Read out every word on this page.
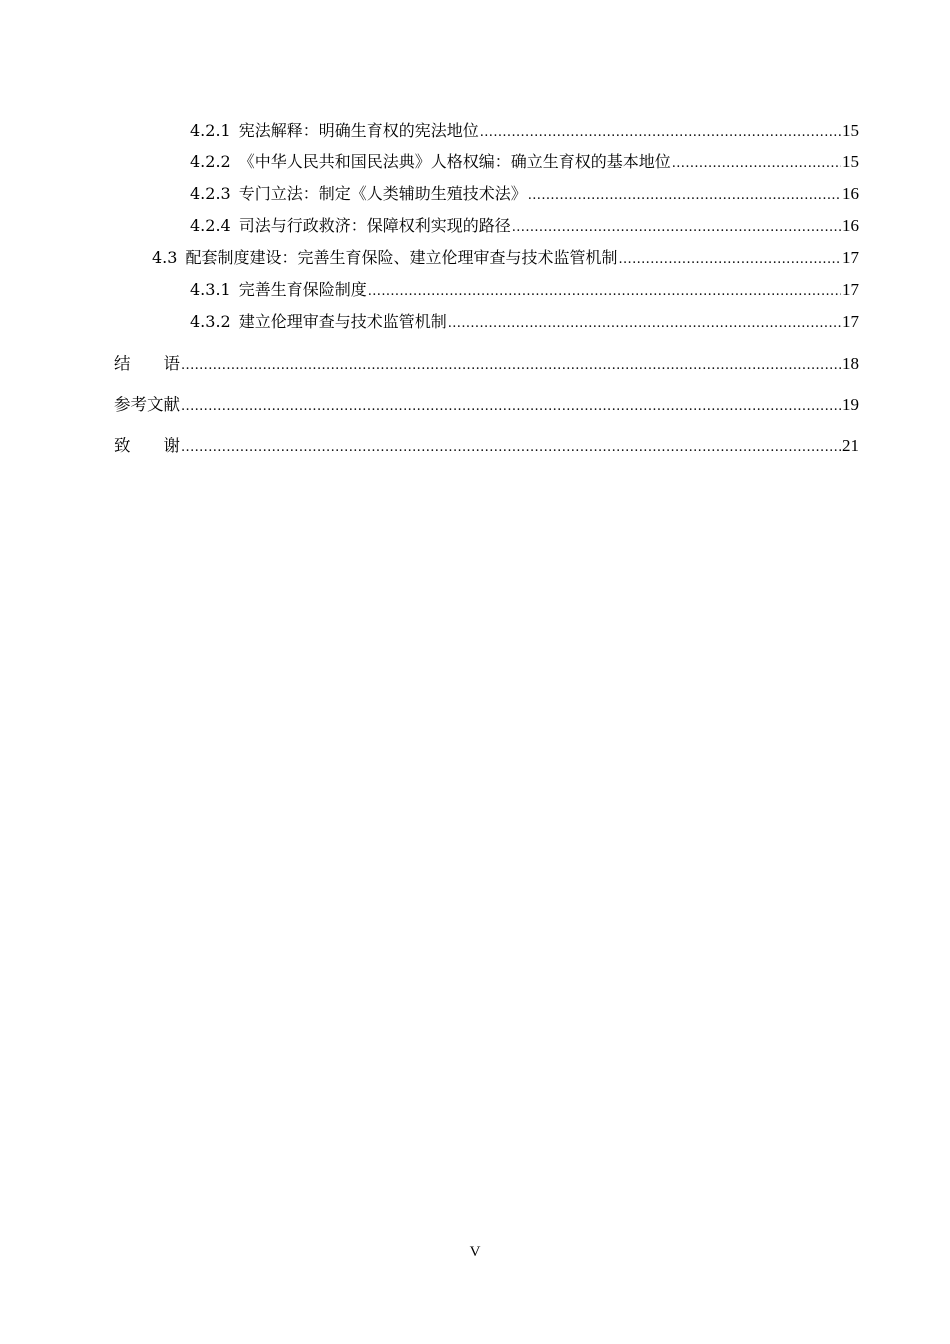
4.2.1 宪法解释：明确生育权的宪法地位 .....	15
4.2.2 《中华人民共和国民法典》人格权编：确立生育权的基本地位 .....	15
4.2.3 专门立法：制定《人类辅助生殖技术法》 .....	16
4.2.4 司法与行政救济：保障权利实现的路径 .....	16
4.3 配套制度建设：完善生育保险、建立伦理审查与技术监管机制 .....	17
4.3.1 完善生育保险制度 .....	17
4.3.2 建立伦理审查与技术监管机制 .....	17
结　　语 .....	18
参考文献 .....	19
致　　谢 .....	21
V
